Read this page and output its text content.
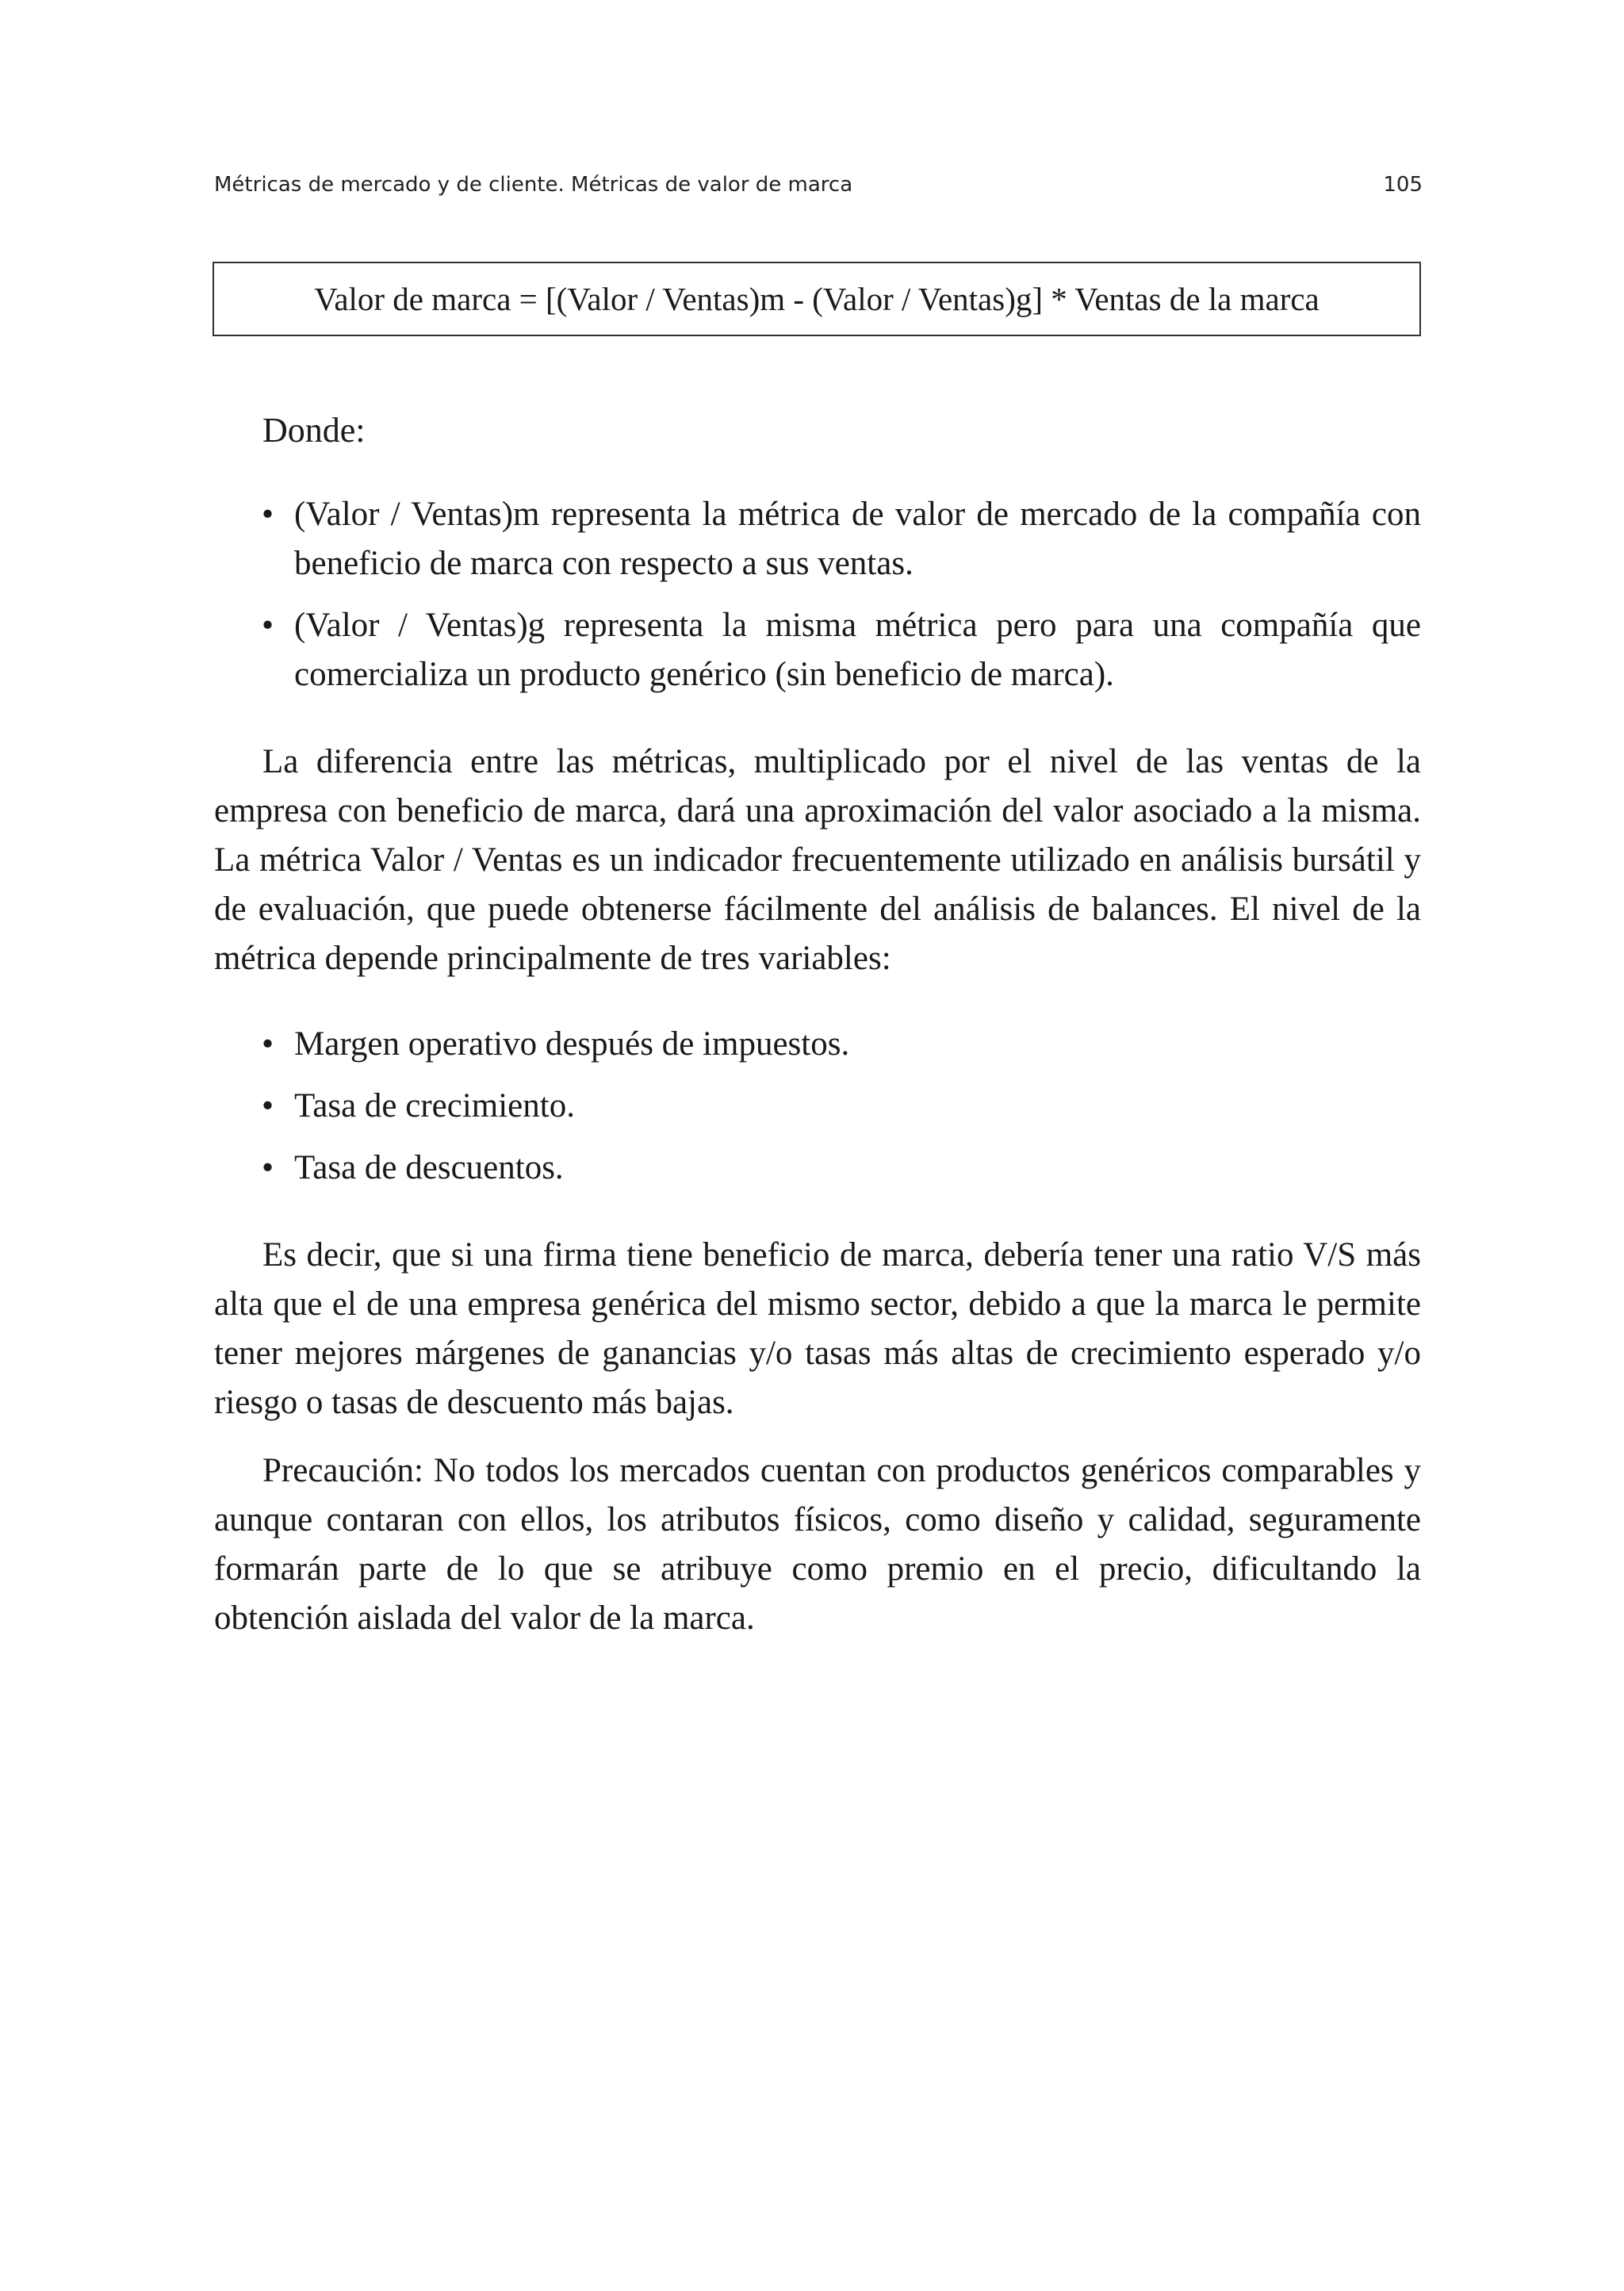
Métricas de mercado y de cliente. Métricas de valor de marca	105
Valor de marca = [(Valor / Ventas)m - (Valor / Ventas)g] * Ventas de la marca
Donde:
• (Valor / Ventas)m representa la métrica de valor de mercado de la compañía con beneficio de marca con respecto a sus ventas.
• (Valor / Ventas)g representa la misma métrica pero para una compañía que comercializa un producto genérico (sin beneficio de marca).

La diferencia entre las métricas, multiplicado por el nivel de las ventas de la empresa con beneficio de marca, dará una aproximación del valor asociado a la misma. La métrica Valor / Ventas es un indicador frecuentemente utilizado en análisis bursátil y de evaluación, que puede obtenerse fácilmente del análisis de balances. El nivel de la métrica depende principalmente de tres variables:

• Margen operativo después de impuestos.
• Tasa de crecimiento.
• Tasa de descuentos.

Es decir, que si una firma tiene beneficio de marca, debería tener una ratio V/S más alta que el de una empresa genérica del mismo sector, debido a que la marca le permite tener mejores márgenes de ganancias y/o tasas más altas de crecimiento esperado y/o riesgo o tasas de descuento más bajas.

Precaución: No todos los mercados cuentan con productos genéricos comparables y aunque contaran con ellos, los atributos físicos, como diseño y calidad, seguramente formarán parte de lo que se atribuye como premio en el precio, dificultando la obtención aislada del valor de la marca.
